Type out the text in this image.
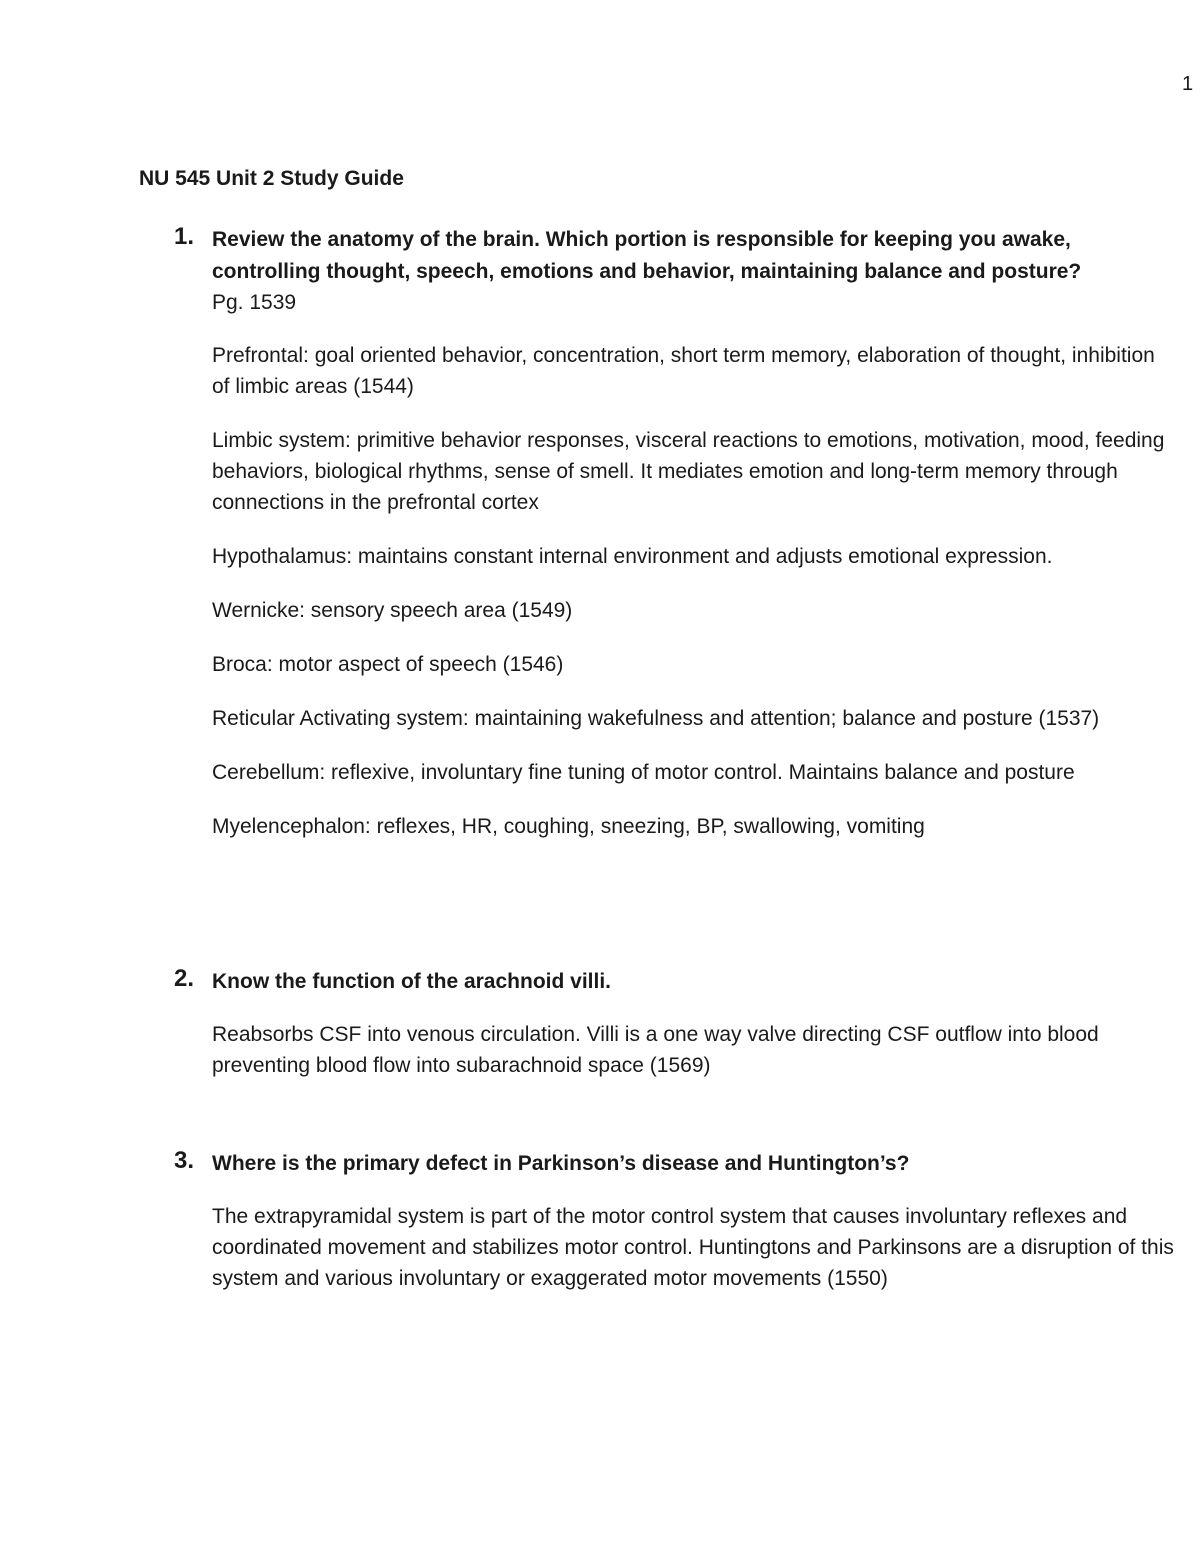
1
NU 545 Unit 2 Study Guide
1. Review the anatomy of the brain. Which portion is responsible for keeping you awake, controlling thought, speech, emotions and behavior, maintaining balance and posture?

Pg. 1539

Prefrontal: goal oriented behavior, concentration, short term memory, elaboration of thought, inhibition of limbic areas (1544)

Limbic system: primitive behavior responses, visceral reactions to emotions, motivation, mood, feeding behaviors, biological rhythms, sense of smell. It mediates emotion and long-term memory through connections in the prefrontal cortex

Hypothalamus: maintains constant internal environment and adjusts emotional expression.

Wernicke: sensory speech area (1549)

Broca: motor aspect of speech (1546)

Reticular Activating system: maintaining wakefulness and attention; balance and posture (1537)

Cerebellum: reflexive, involuntary fine tuning of motor control. Maintains balance and posture

Myelencephalon: reflexes, HR, coughing, sneezing, BP, swallowing, vomiting

2. Know the function of the arachnoid villi.

Reabsorbs CSF into venous circulation. Villi is a one way valve directing CSF outflow into blood preventing blood flow into subarachnoid space (1569)

3. Where is the primary defect in Parkinson’s disease and Huntington’s?

The extrapyramidal system is part of the motor control system that causes involuntary reflexes and coordinated movement and stabilizes motor control. Huntingtons and Parkinsons are a disruption of this system and various involuntary or exaggerated motor movements (1550)
